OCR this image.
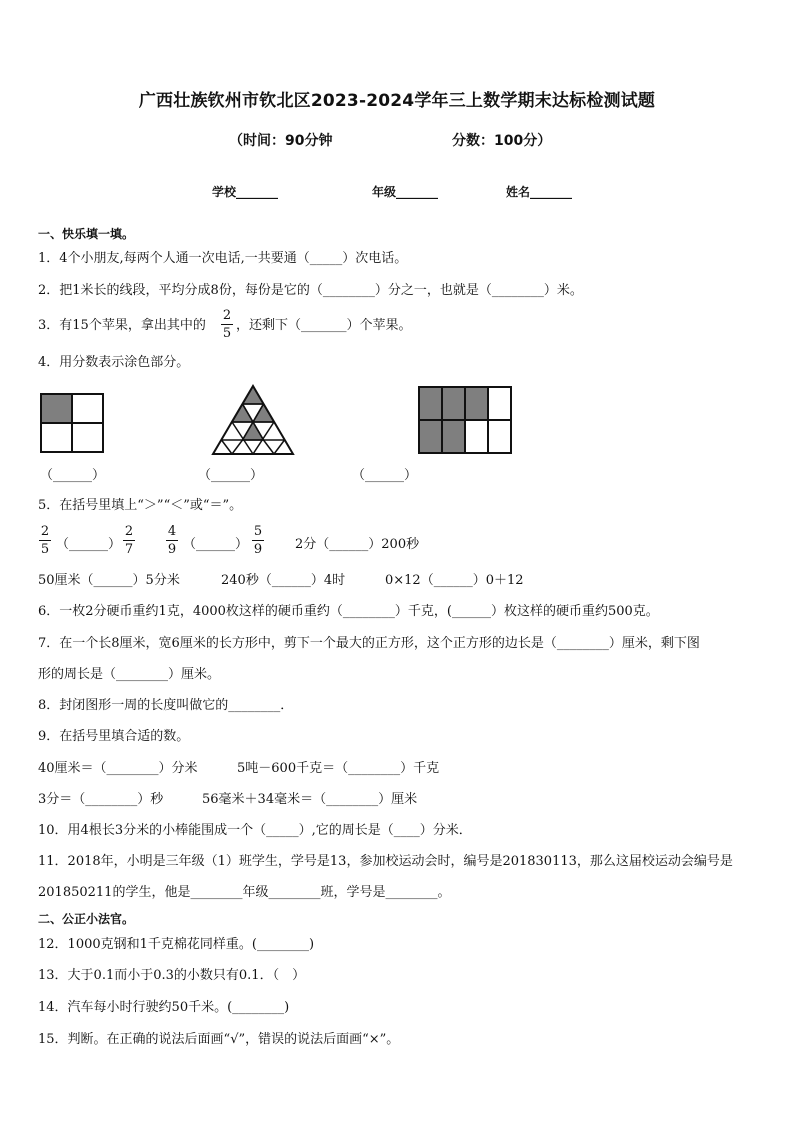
广西壮族钦州市钦北区2023-2024学年三上数学期末达标检测试题
（时间：90分钟	分数：100分）
学校_______	年级_______	姓名_______
一、快乐填一填。
1．4个小朋友,每两个人通一次电话,一共要通（_____）次电话。
2．把1米长的线段，平均分成8份，每份是它的（________）分之一，也就是（________）米。
3．有15个苹果，拿出其中的
2
5
，还剩下（_______）个苹果。
4．用分数表示涂色部分。
（______）	（______）	（______）
5．在括号里填上“＞”“＜”或“＝”。
2
5 （______）
2
7
4
9 （______）
5
9	2分（______）200秒
50厘米（______）5分米	240秒（______）4时	0×12（______）0＋12
6．一枚2分硬币重约1克，4000枚这样的硬币重约（________）千克，(______）枚这样的硬币重约500克。
7．在一个长8厘米，宽6厘米的长方形中，剪下一个最大的正方形，这个正方形的边长是（________）厘米，剩下图
形的周长是（________）厘米。
8．封闭图形一周的长度叫做它的________．
9．在括号里填合适的数。
40厘米＝（________）分米	5吨－600千克＝（________）千克
3分＝（________）秒	56毫米＋34毫米＝（________）厘米
10．用4根长3分米的小棒能围成一个（_____）,它的周长是（____）分米．
11．2018年，小明是三年级（1）班学生，学号是13，参加校运动会时，编号是201830113，那么这届校运动会编号是
201850211的学生，他是________年级________班，学号是________。
二、公正小法官。
12．1000克钢和1千克棉花同样重。(________)
13．大于0.1而小于0.3的小数只有0.1．（　）
14．汽车每小时行驶约50千米。(________)
15．判断。在正确的说法后面画“√”，错误的说法后面画“×”。
